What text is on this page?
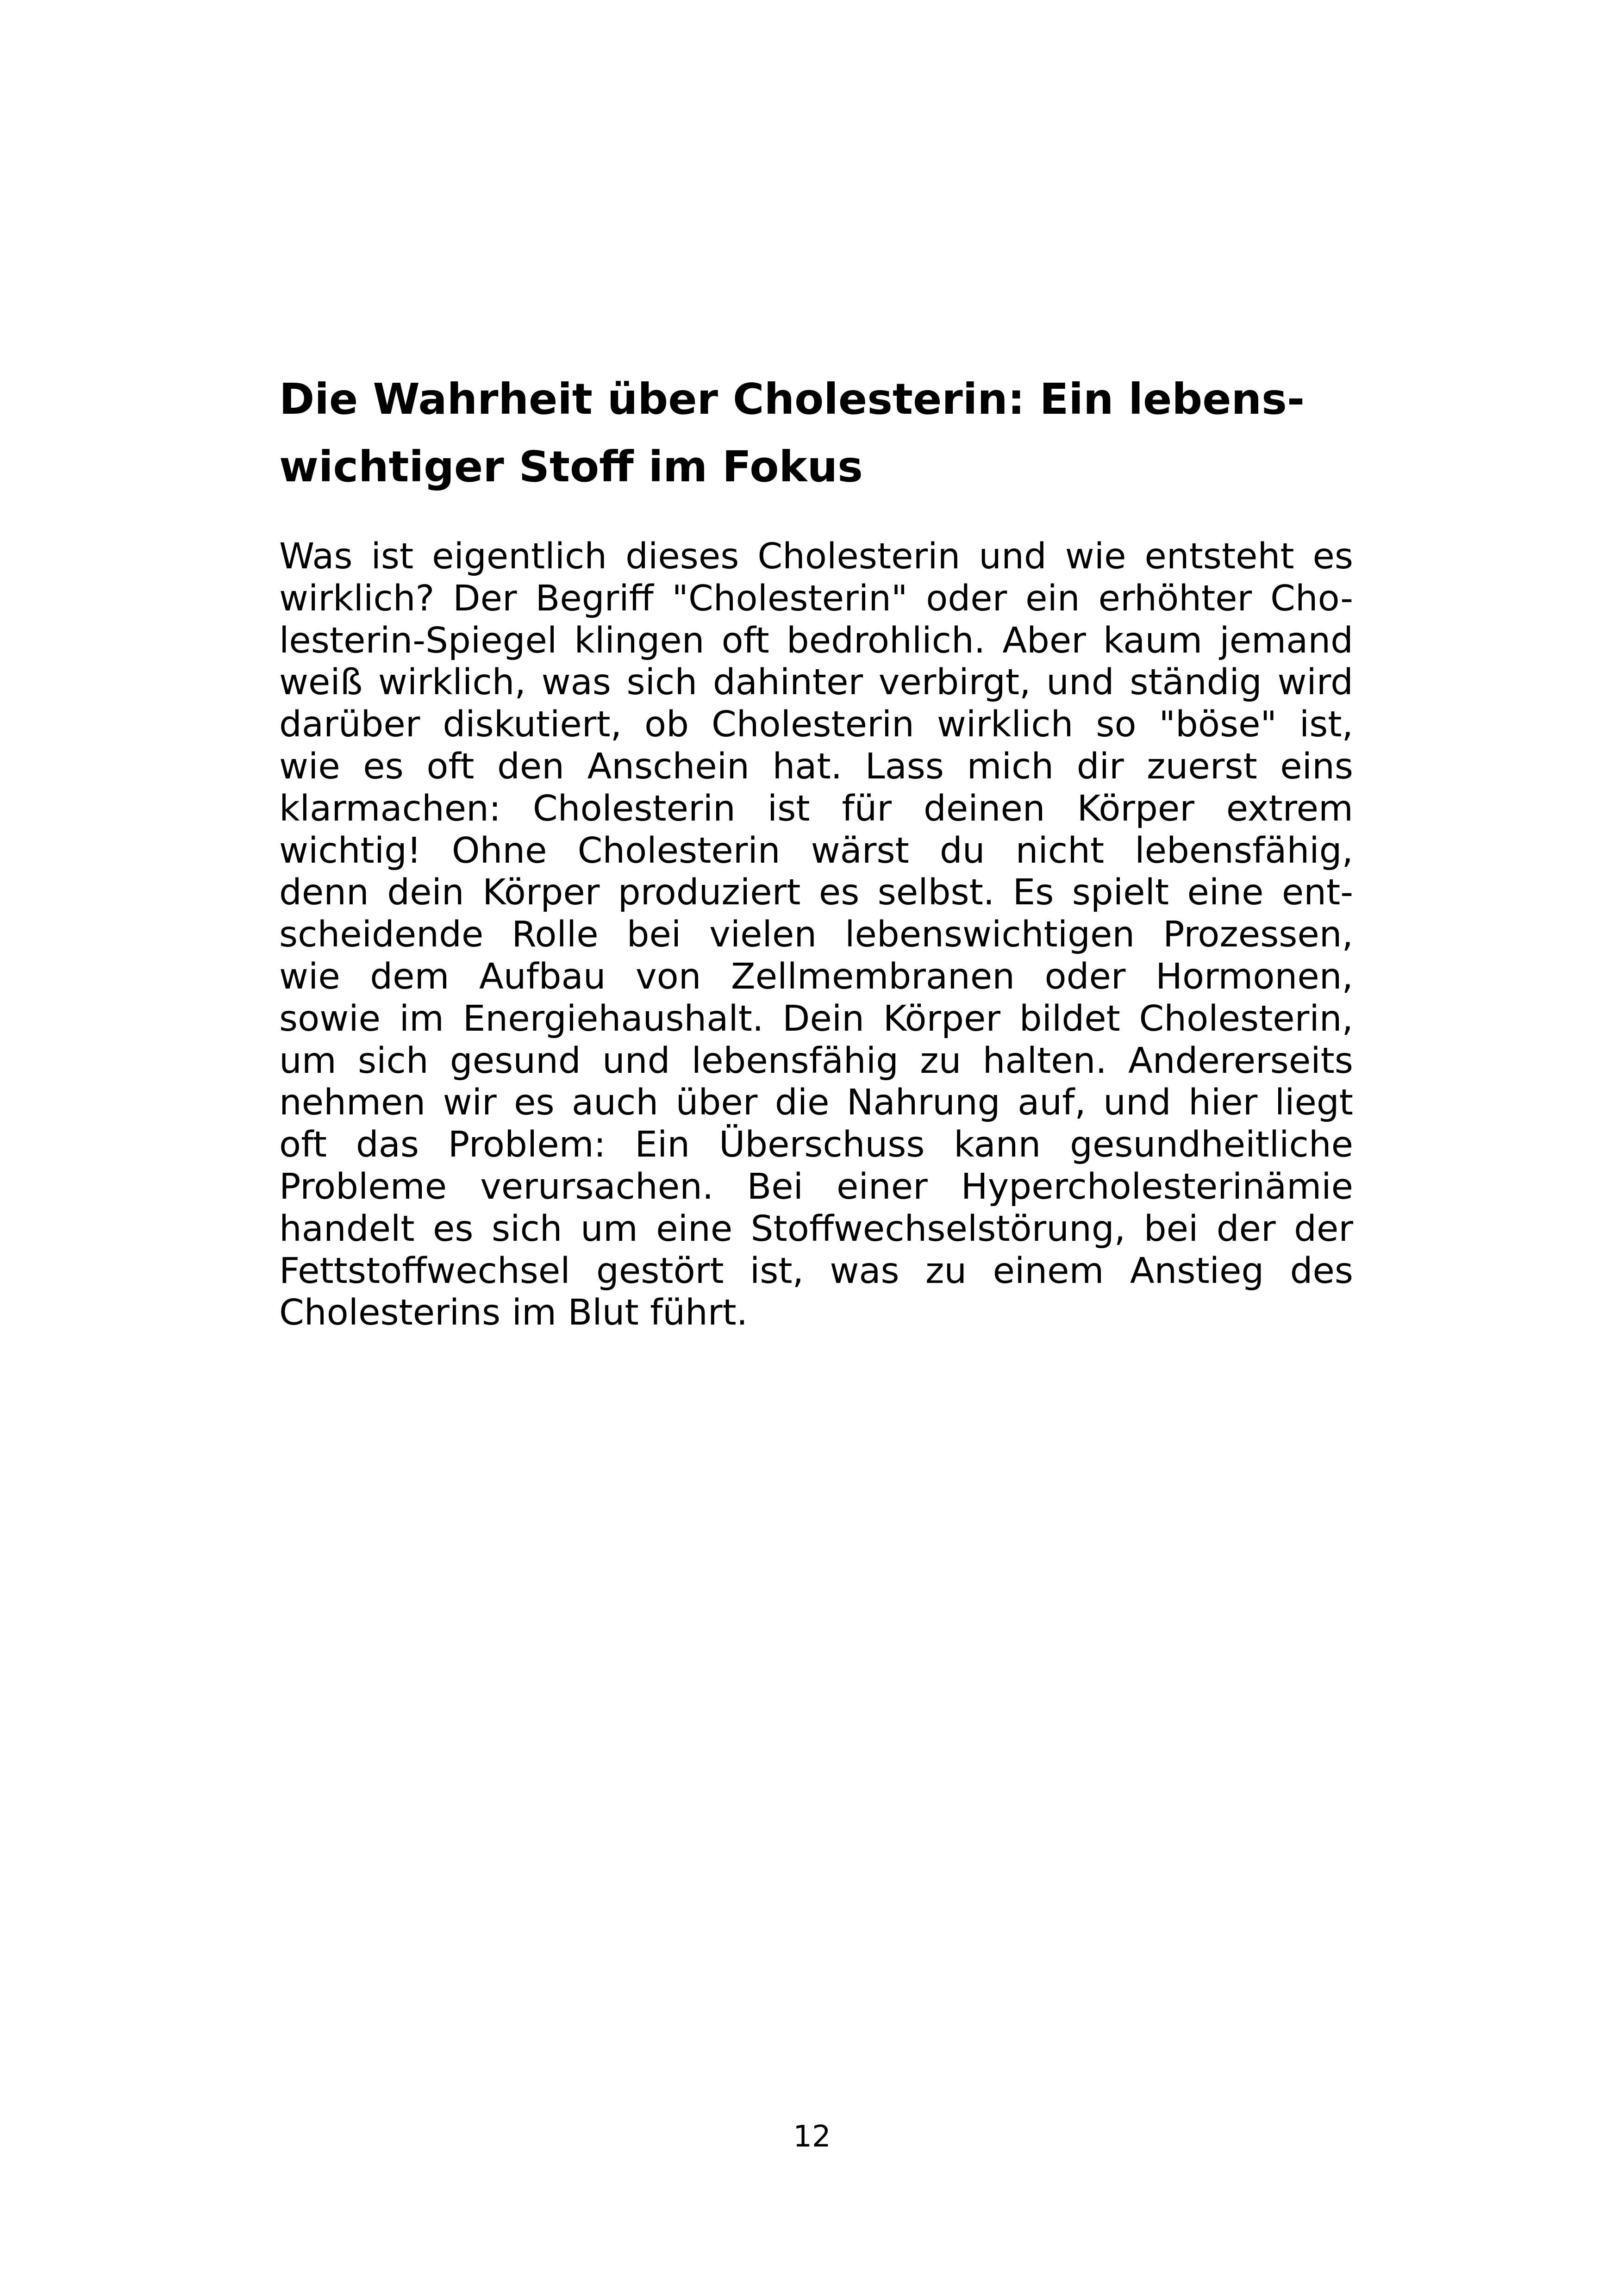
Die Wahrheit über Cholesterin: Ein lebens-
wichtiger Stoff im Fokus
Was ist eigentlich dieses Cholesterin und wie entsteht es
wirklich? Der Begriff "Cholesterin" oder ein erhöhter Cho-
lesterin-Spiegel klingen oft bedrohlich. Aber kaum jemand
weiß wirklich, was sich dahinter verbirgt, und ständig wird
darüber diskutiert, ob Cholesterin wirklich so "böse" ist,
wie es oft den Anschein hat. Lass mich dir zuerst eins
klarmachen: Cholesterin ist für deinen Körper extrem
wichtig! Ohne Cholesterin wärst du nicht lebensfähig,
denn dein Körper produziert es selbst. Es spielt eine ent-
scheidende Rolle bei vielen lebenswichtigen Prozessen,
wie dem Aufbau von Zellmembranen oder Hormonen,
sowie im Energiehaushalt. Dein Körper bildet Cholesterin,
um sich gesund und lebensfähig zu halten. Andererseits
nehmen wir es auch über die Nahrung auf, und hier liegt
oft das Problem: Ein Überschuss kann gesundheitliche
Probleme verursachen. Bei einer Hypercholesterinämie
handelt es sich um eine Stoffwechselstörung, bei der der
Fettstoffwechsel gestört ist, was zu einem Anstieg des
Cholesterins im Blut führt.
12
